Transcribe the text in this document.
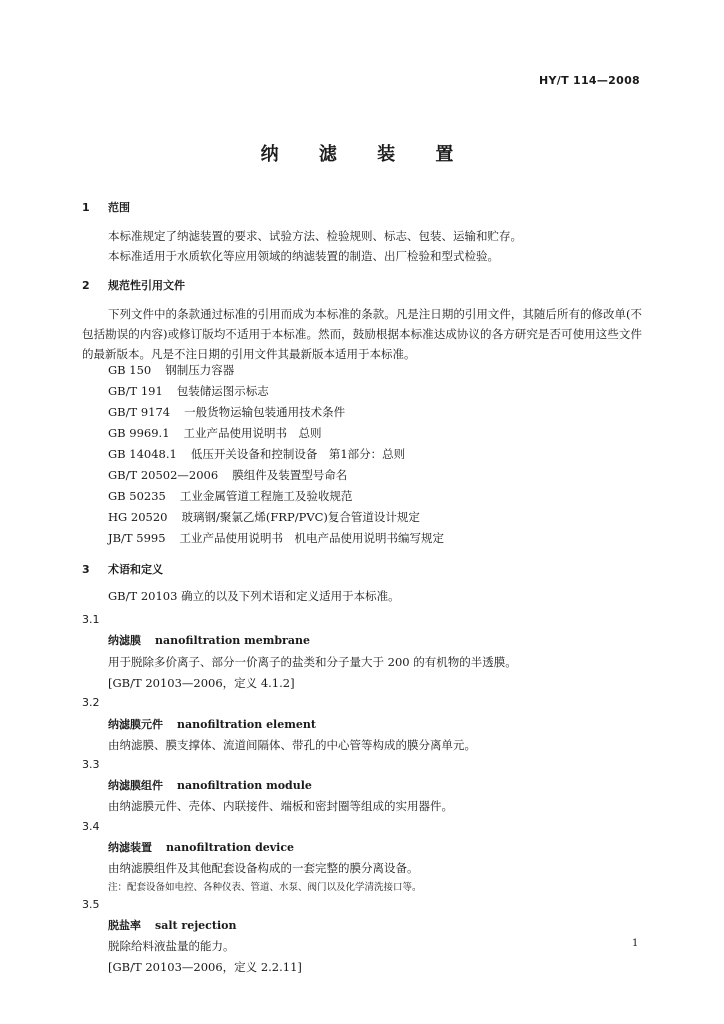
HY/T 114—2008
纳 滤 装 置
1 范围
本标准规定了纳滤装置的要求、试验方法、检验规则、标志、包装、运输和贮存。
本标准适用于水质软化等应用领域的纳滤装置的制造、出厂检验和型式检验。
2 规范性引用文件
下列文件中的条款通过标准的引用而成为本标准的条款。凡是注日期的引用文件，其随后所有的修改单(不包括勘误的内容)或修订版均不适用于本标准。然而，鼓励根据本标准达成协议的各方研究是否可使用这些文件的最新版本。凡是不注日期的引用文件其最新版本适用于本标准。
GB 150 钢制压力容器
GB/T 191 包装储运图示标志
GB/T 9174 一般货物运输包装通用技术条件
GB 9969.1 工业产品使用说明书　总则
GB 14048.1 低压开关设备和控制设备　第1部分：总则
GB/T 20502—2006 膜组件及装置型号命名
GB 50235 工业金属管道工程施工及验收规范
HG 20520 玻璃钢/聚氯乙烯(FRP/PVC)复合管道设计规定
JB/T 5995 工业产品使用说明书　机电产品使用说明书编写规定
3 术语和定义
GB/T 20103 确立的以及下列术语和定义适用于本标准。
3.1
纳滤膜 nanofiltration membrane
用于脱除多价离子、部分一价离子的盐类和分子量大于 200 的有机物的半透膜。
[GB/T 20103—2006，定义 4.1.2]
3.2
纳滤膜元件 nanofiltration element
由纳滤膜、膜支撑体、流道间隔体、带孔的中心管等构成的膜分离单元。
3.3
纳滤膜组件 nanofiltration module
由纳滤膜元件、壳体、内联接件、端板和密封圈等组成的实用器件。
3.4
纳滤装置 nanofiltration device
由纳滤膜组件及其他配套设备构成的一套完整的膜分离设备。
注：配套设备如电控、各种仪表、管道、水泵、阀门以及化学清洗接口等。
3.5
脱盐率 salt rejection
脱除给料液盐量的能力。
[GB/T 20103—2006，定义 2.2.11]
1
